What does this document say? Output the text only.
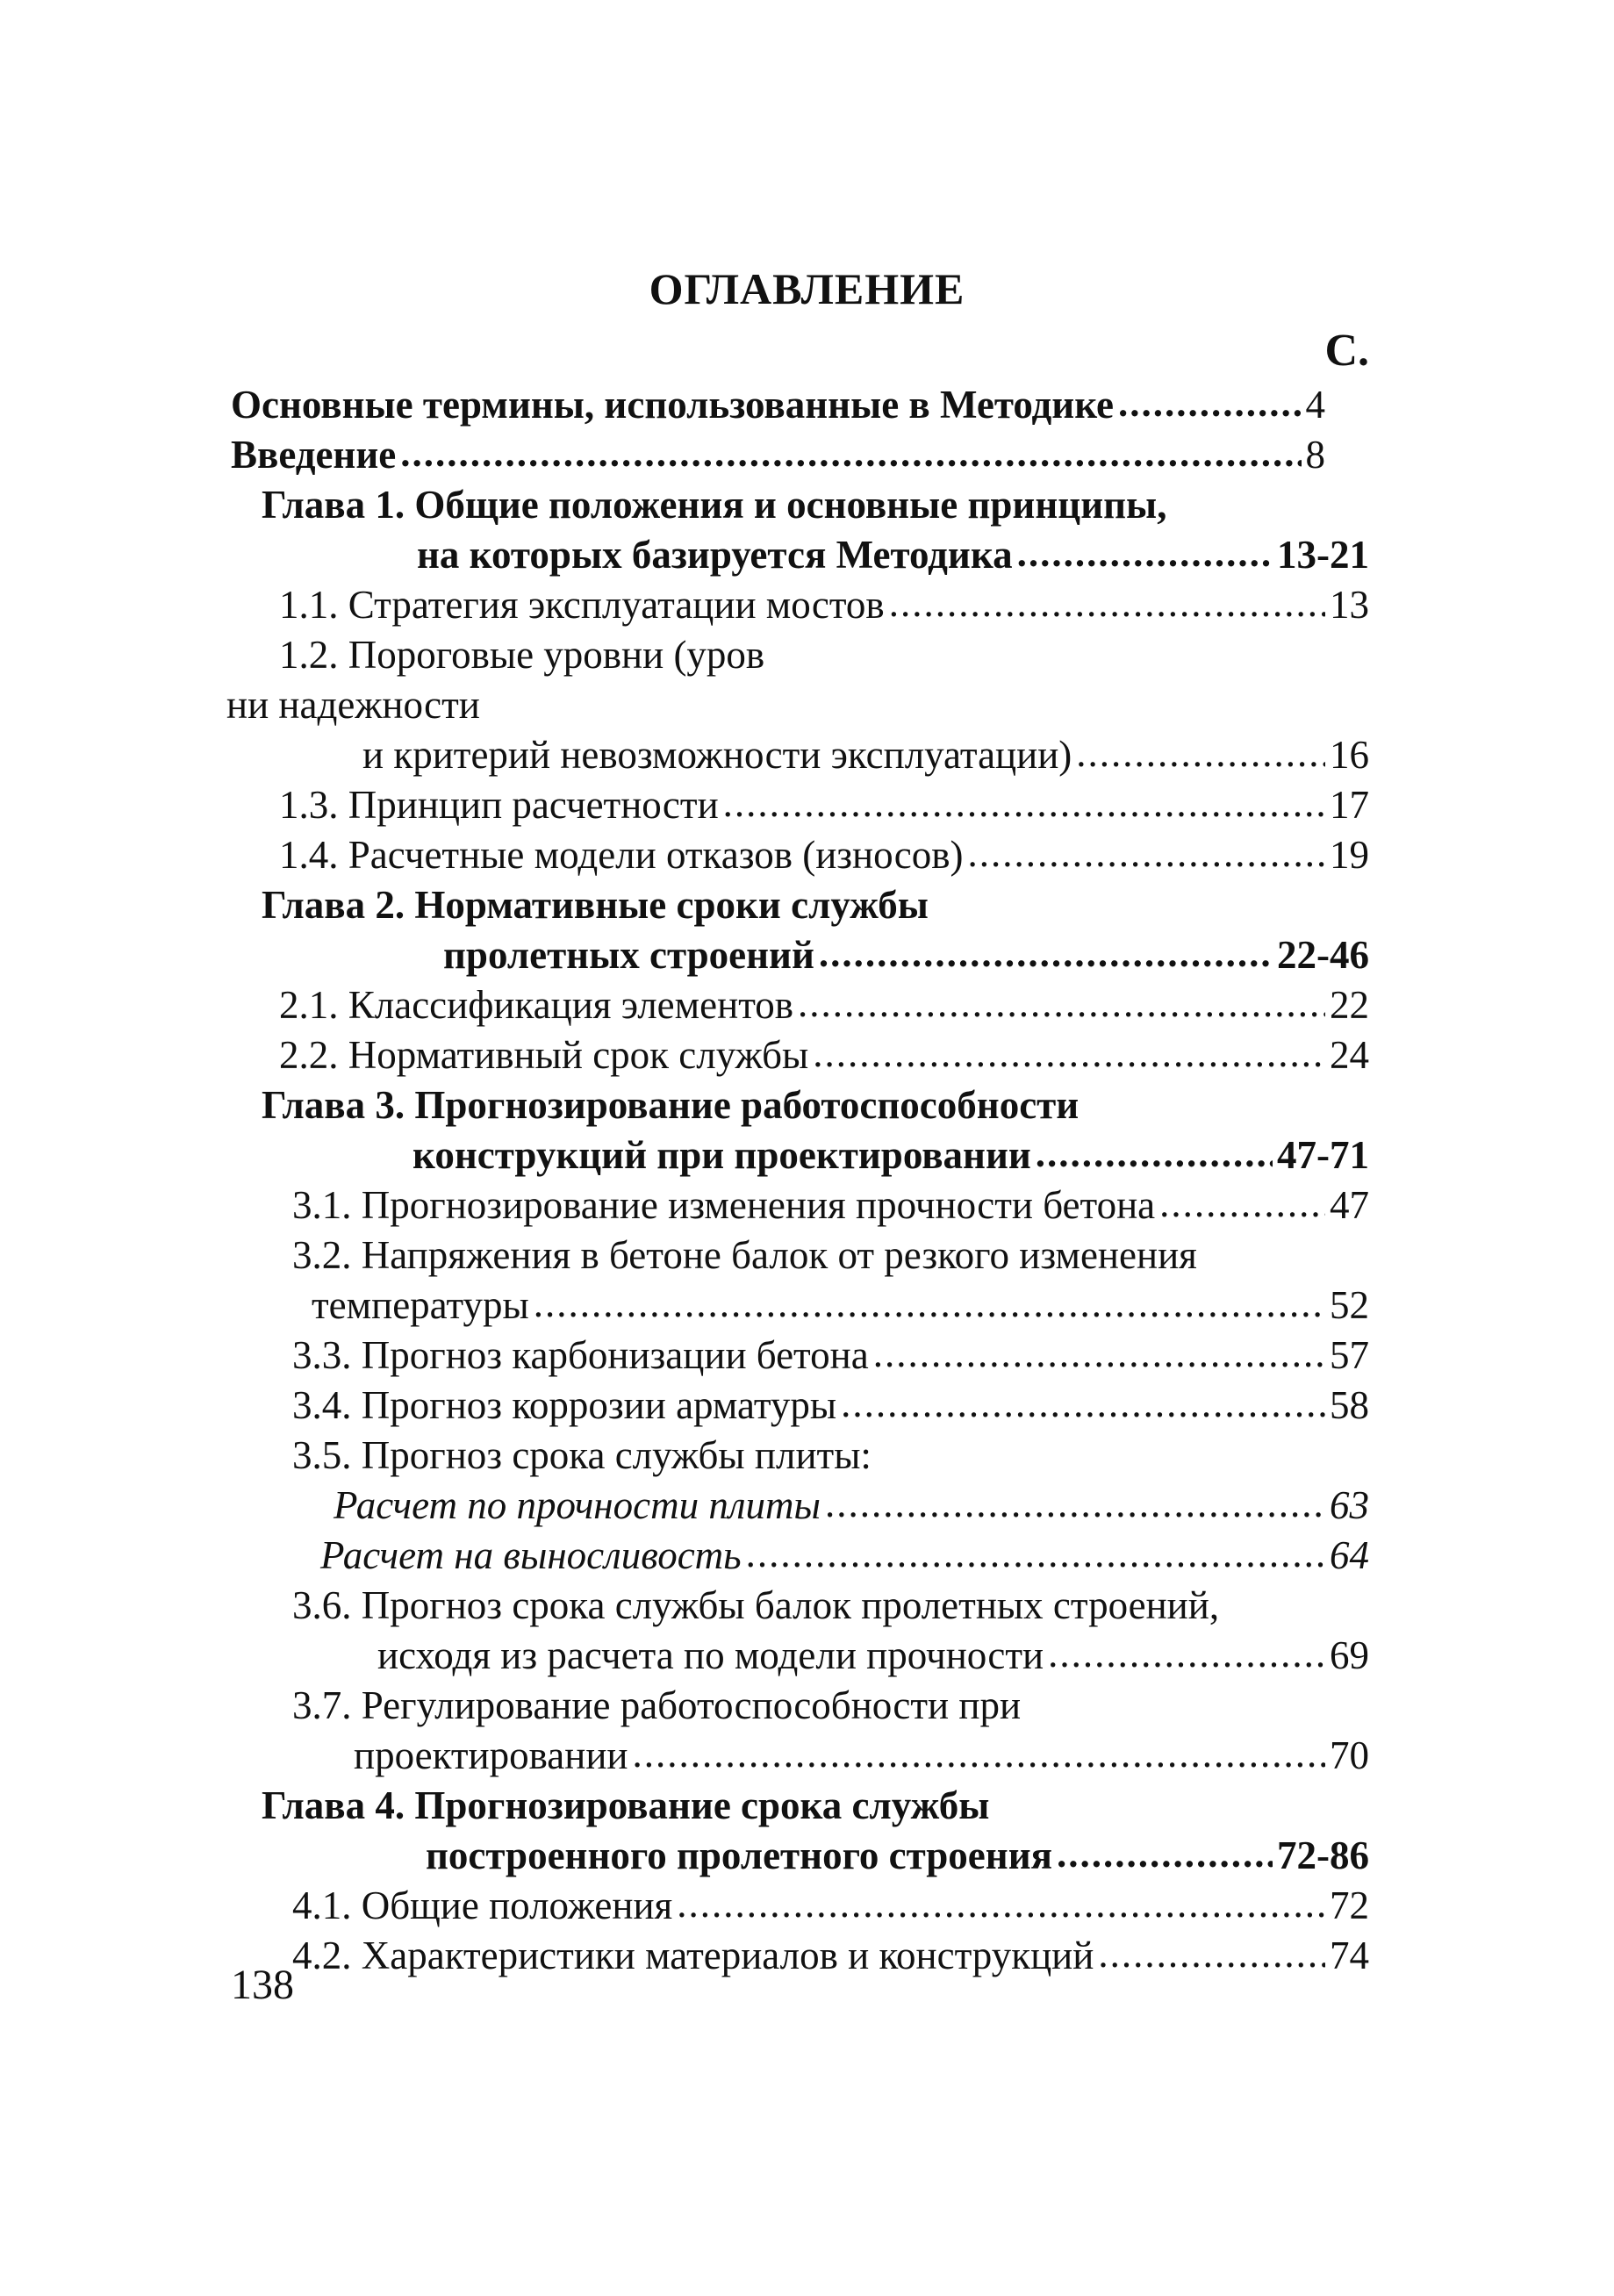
ОГЛАВЛЕНИЕ
С.
Основные термины, использованные в Методике .....	4
Введение .....	8
Глава 1. Общие положения и основные принципы,
на которых базируется Методика .....	13-21
1.1. Стратегия эксплуатации мостов .....	13
1.2. Пороговые уровни (уров
ни надежности
и критерий невозможности эксплуатации) .....	16
1.3. Принцип расчетности .....	17
1.4. Расчетные модели отказов (износов) .....	19
Глава 2. Нормативные сроки службы
пролетных строений .....	22-46
2.1. Классификация элементов .....	22
2.2. Нормативный срок службы .....	24
Глава 3. Прогнозирование работоспособности
конструкций при проектировании .....	47-71
3.1. Прогнозирование изменения прочности бетона .....	47
3.2. Напряжения в бетоне балок от резкого изменения
температуры .....	52
3.3. Прогноз карбонизации бетона .....	57
3.4. Прогноз коррозии арматуры .....	58
3.5. Прогноз срока службы плиты:
Расчет по прочности плиты .....	63
Расчет на выносливость .....	64
3.6. Прогноз срока службы балок пролетных строений,
исходя из расчета по модели прочности .....	69
3.7. Регулирование работоспособности при
проектировании .....	70
Глава 4. Прогнозирование срока службы
построенного пролетного строения .....	72-86
4.1. Общие положения .....	72
4.2. Характеристики материалов и конструкций .....	74
138
